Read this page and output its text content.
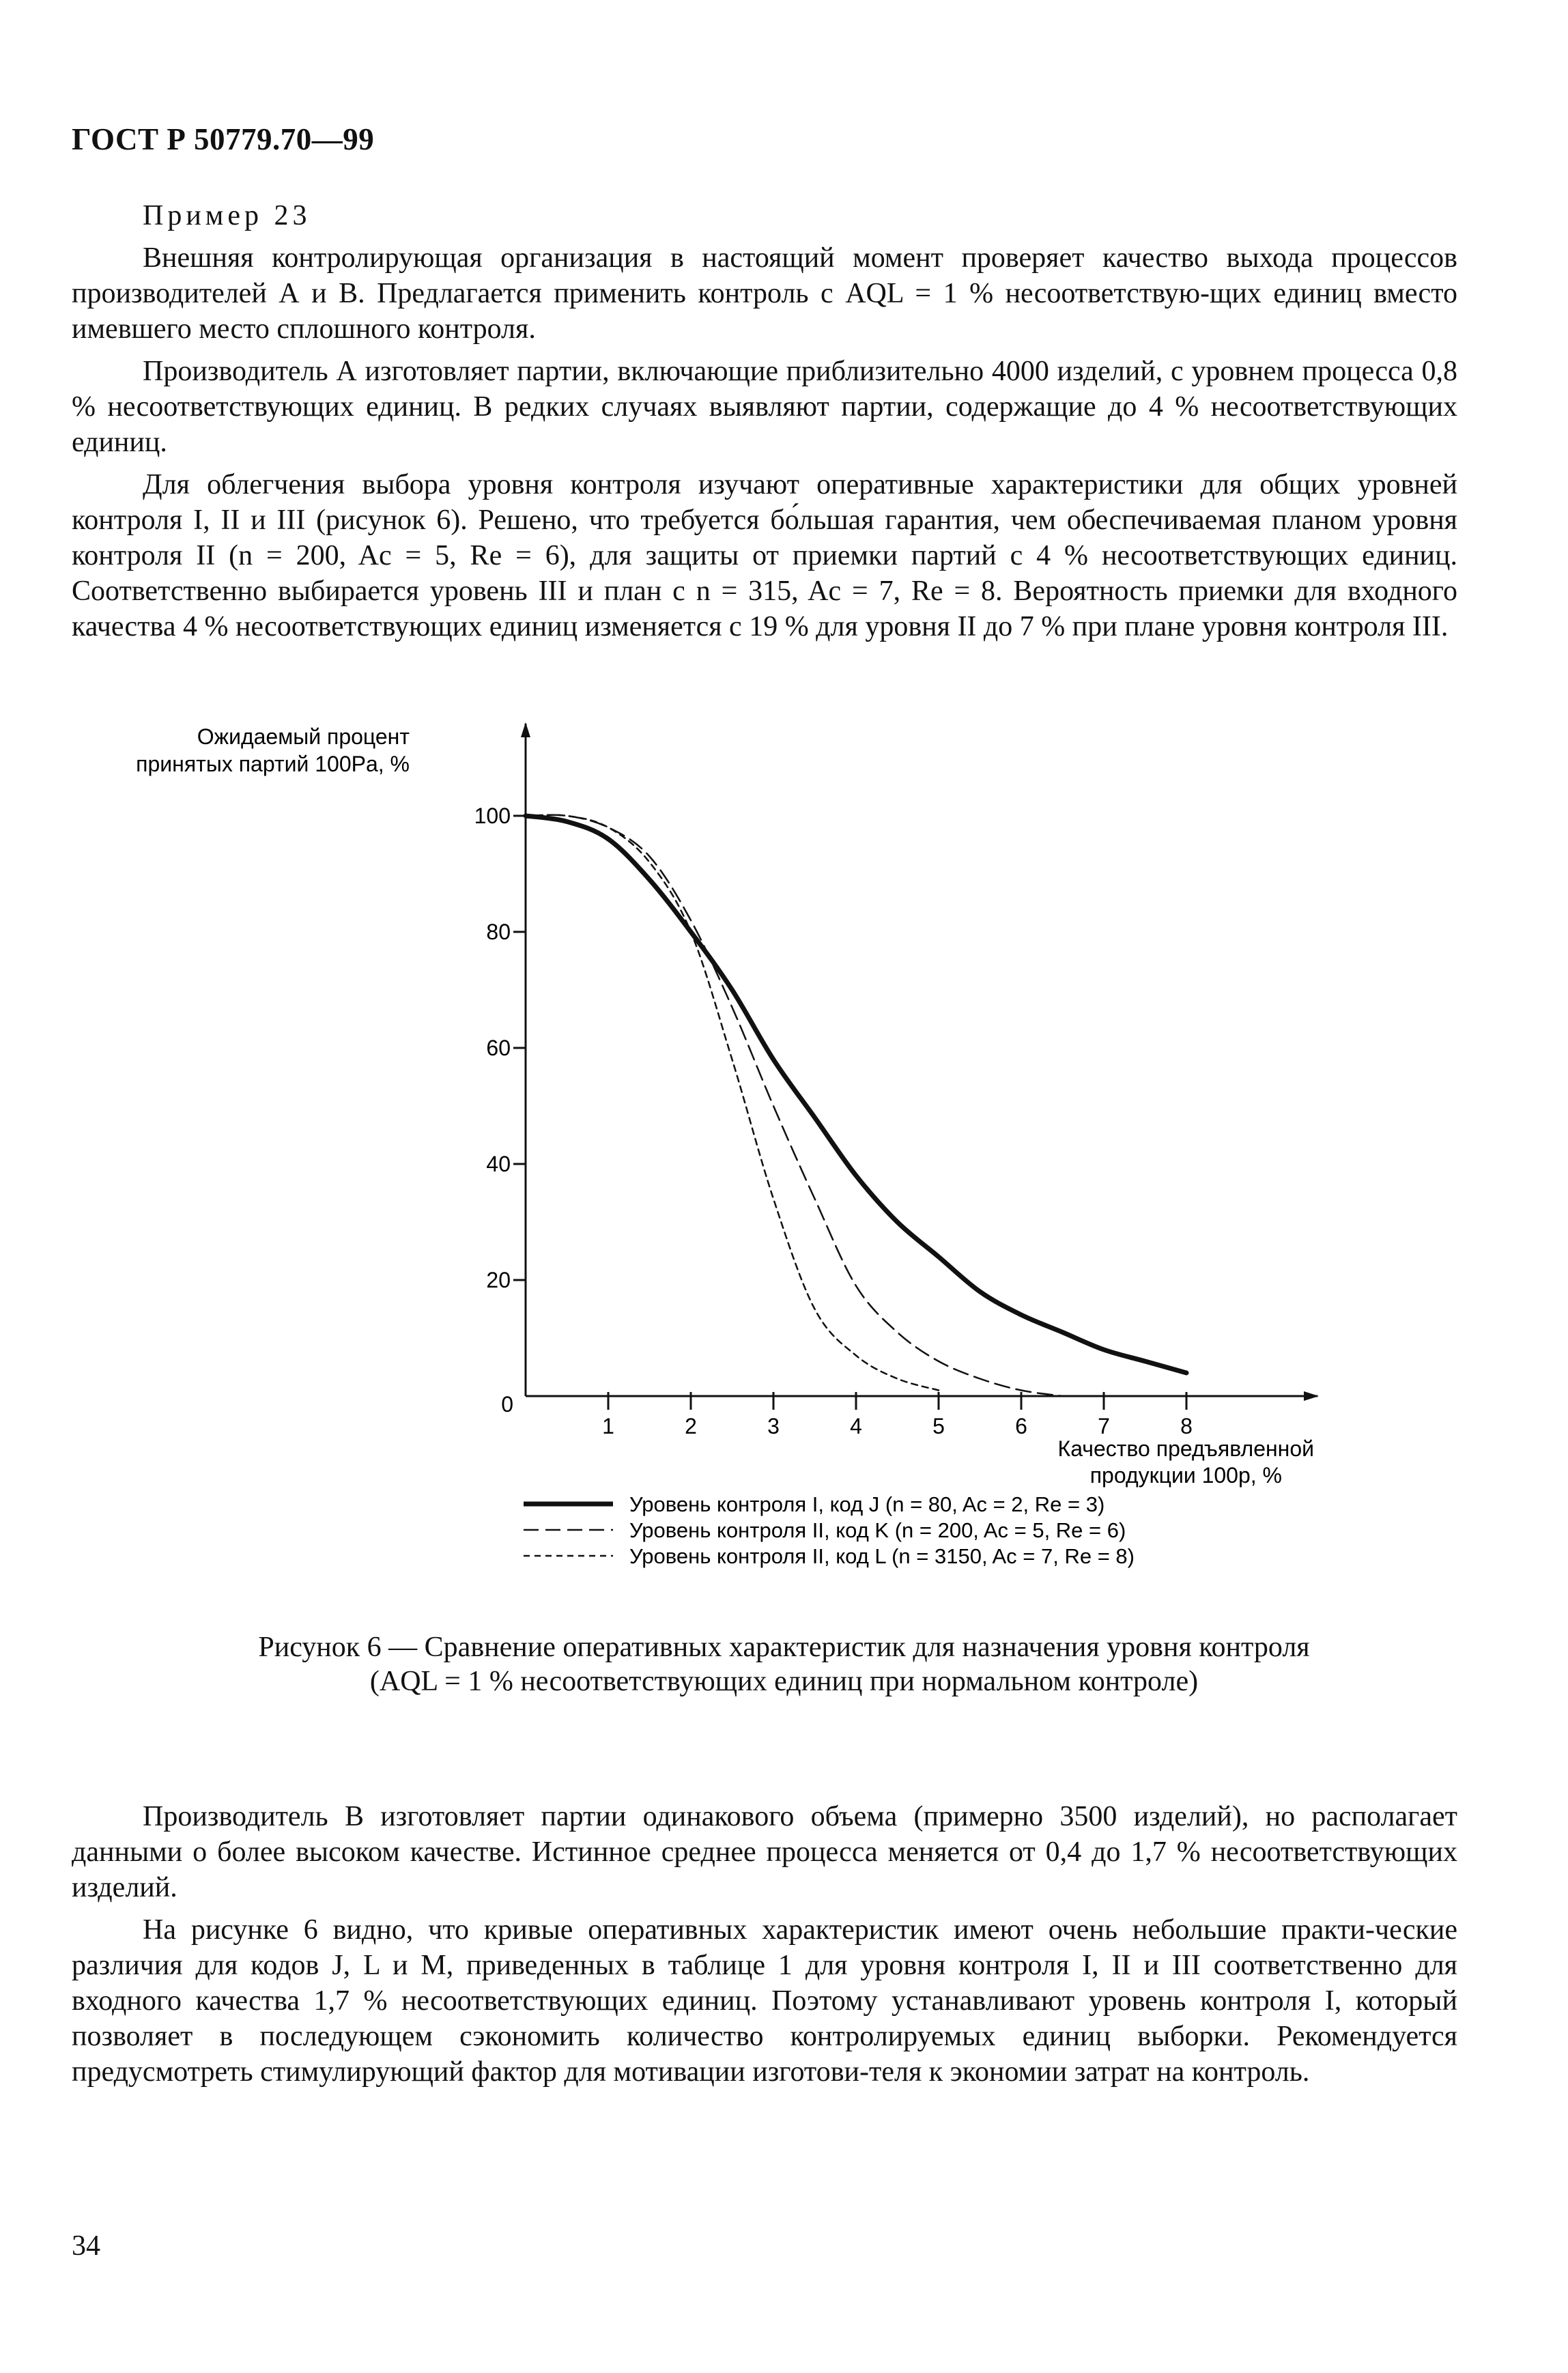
ГОСТ Р 50779.70—99

Пример 23

Внешняя контролирующая организация в настоящий момент проверяет качество выхода процессов производителей А и В. Предлагается применить контроль с AQL = 1 % несоответствую-щих единиц вместо имевшего место сплошного контроля.

Производитель А изготовляет партии, включающие приблизительно 4000 изделий, с уровнем процесса 0,8 % несоответствующих единиц. В редких случаях выявляют партии, содержащие до 4 % несоответствующих единиц.

Для облегчения выбора уровня контроля изучают оперативные характеристики для общих уровней контроля I, II и III (рисунок 6). Решено, что требуется бо́льшая гарантия, чем обеспечиваемая планом уровня контроля II (n = 200, Ac = 5, Re = 6), для защиты от приемки партий с 4 % несоответствующих единиц. Соответственно выбирается уровень III и план с n = 315, Ac = 7, Re = 8. Вероятность приемки для входного качества 4 % несоответствующих единиц изменяется с 19 % для уровня II до 7 % при плане уровня контроля III.

Ожидаемый процент
принятых партий 100Pa, %
0
1	2	3	4	5	6	7	8
20
40
60
80
100
Качество предъявленной
продукции 100p, %
Уровень контроля I, код J (n = 80, Ac = 2, Re = 3)
Уровень контроля II, код K (n = 200, Ac = 5, Re = 6)
Уровень контроля II, код L (n = 3150, Ac = 7, Re = 8)
Рисунок 6 — Сравнение оперативных характеристик для назначения уровня контроля
(AQL = 1 % несоответствующих единиц при нормальном контроле)

Производитель В изготовляет партии одинакового объема (примерно 3500 изделий), но располагает данными о более высоком качестве. Истинное среднее процесса меняется от 0,4 до 1,7 % несоответствующих изделий.

На рисунке 6 видно, что кривые оперативных характеристик имеют очень небольшие практи-ческие различия для кодов J, L и M, приведенных в таблице 1 для уровня контроля I, II и III соответственно для входного качества 1,7 % несоответствующих единиц. Поэтому устанавливают уровень контроля I, который позволяет в последующем сэкономить количество контролируемых единиц выборки. Рекомендуется предусмотреть стимулирующий фактор для мотивации изготови-теля к экономии затрат на контроль.

34
